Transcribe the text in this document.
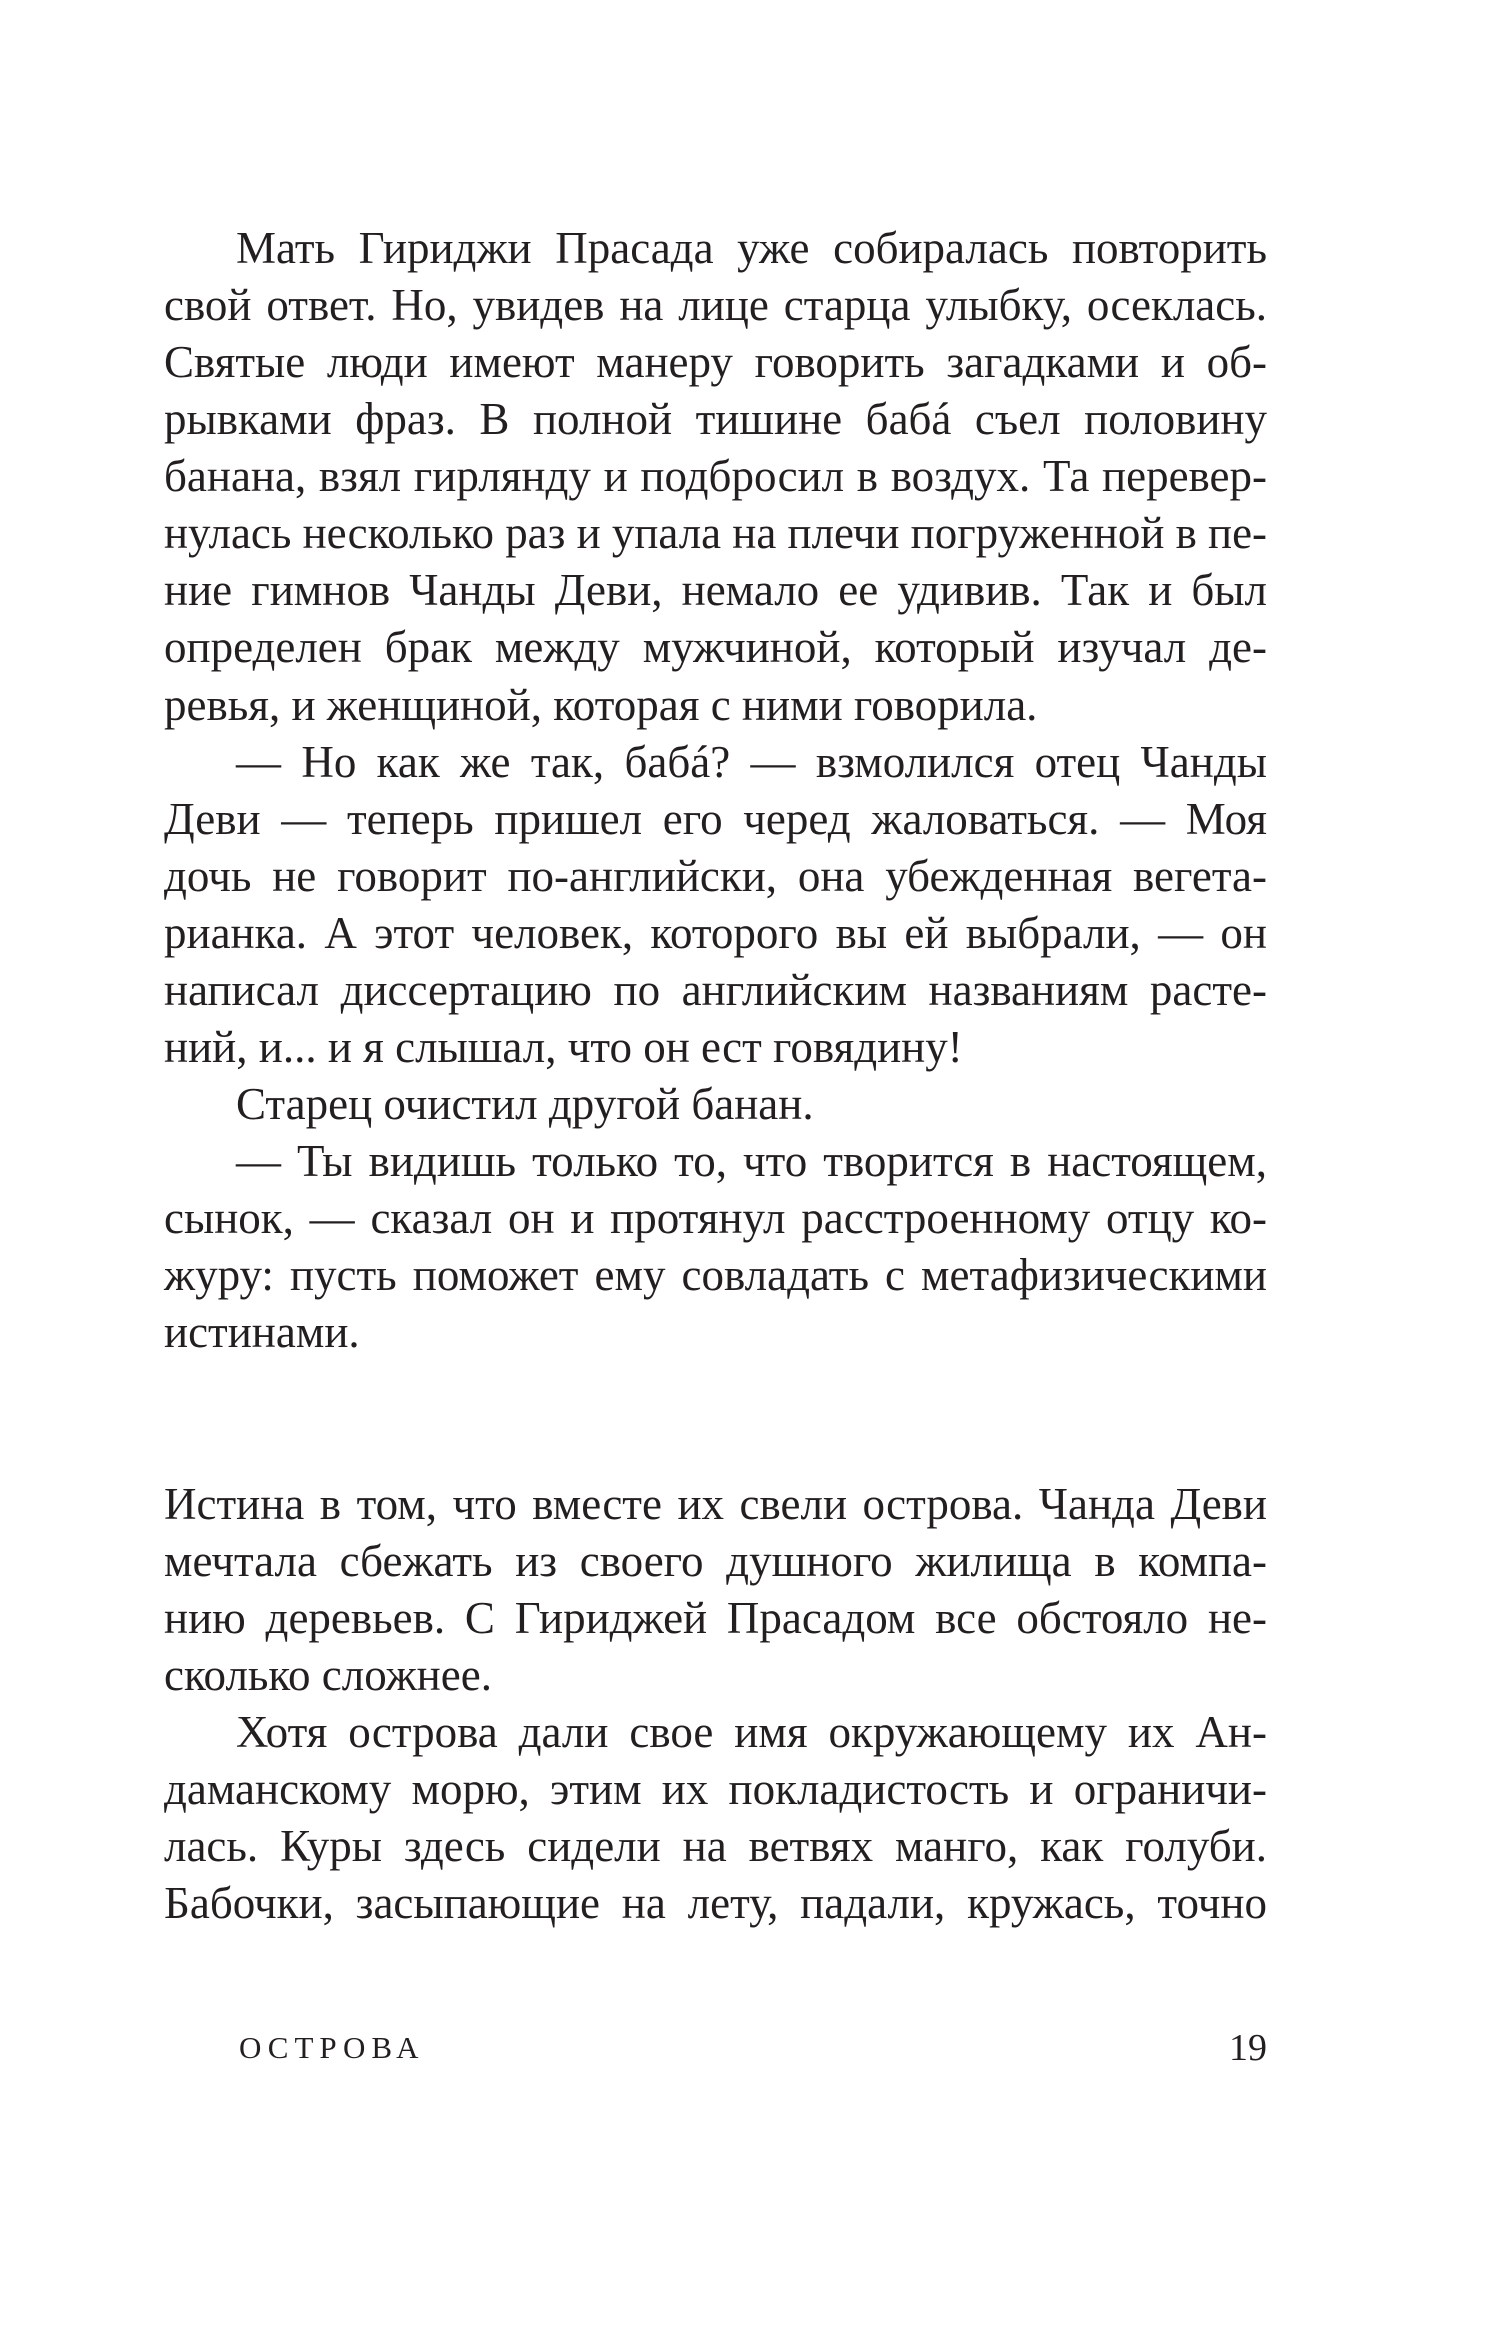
Мать Гириджи Прасада уже собиралась повторить
свой ответ. Но, увидев на лице старца улыбку, осеклась.
Святые люди имеют манеру говорить загадками и об-
рывками фраз. В полной тишине бабá съел половину
банана, взял гирлянду и подбросил в воздух. Та перевер-
нулась несколько раз и упала на плечи погруженной в пе-
ние гимнов Чанды Деви, немало ее удивив. Так и был
определен брак между мужчиной, который изучал де-
ревья, и женщиной, которая с ними говорила.
— Но как же так, бабá? — взмолился отец Чанды
Деви — теперь пришел его черед жаловаться. — Моя
дочь не говорит по-английски, она убежденная вегета-
рианка. А этот человек, которого вы ей выбрали, — он
написал диссертацию по английским названиям расте-
ний, и... и я слышал, что он ест говядину!
Старец очистил другой банан.
— Ты видишь только то, что творится в настоящем,
сынок, — сказал он и протянул расстроенному отцу ко-
журу: пусть поможет ему совладать с метафизическими
истинами.
Истина в том, что вместе их свели острова. Чанда Деви
мечтала сбежать из своего душного жилища в компа-
нию деревьев. С Гириджей Прасадом все обстояло не-
сколько сложнее.
Хотя острова дали свое имя окружающему их Ан-
даманскому морю, этим их покладистость и ограничи-
лась. Куры здесь сидели на ветвях манго, как голуби.
Бабочки, засыпающие на лету, падали, кружась, точно
ОСТРОВА	19
